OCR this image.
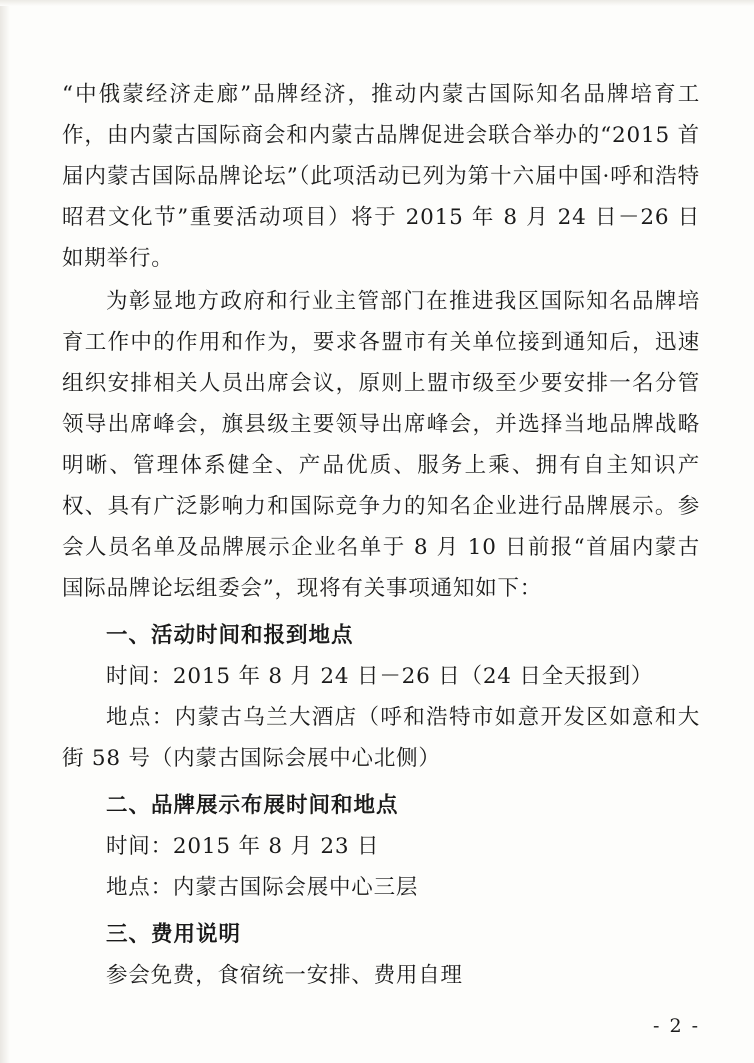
“中俄蒙经济走廊”品牌经济，推动内蒙古国际知名品牌培育工作，由内蒙古国际商会和内蒙古品牌促进会联合举办的“2015 首届内蒙古国际品牌论坛”（此项活动已列为第十六届中国·呼和浩特昭君文化节”重要活动项目）将于 2015 年 8 月 24 日－26 日如期举行。

为彰显地方政府和行业主管部门在推进我区国际知名品牌培育工作中的作用和作为，要求各盟市有关单位接到通知后，迅速组织安排相关人员出席会议，原则上盟市级至少要安排一名分管领导出席峰会，旗县级主要领导出席峰会，并选择当地品牌战略明晰、管理体系健全、产品优质、服务上乘、拥有自主知识产权、具有广泛影响力和国际竞争力的知名企业进行品牌展示。参会人员名单及品牌展示企业名单于 8 月 10 日前报“首届内蒙古国际品牌论坛组委会”，现将有关事项通知如下：

一、活动时间和报到地点

时间：2015 年 8 月 24 日－26 日（24 日全天报到）

地点：内蒙古乌兰大酒店（呼和浩特市如意开发区如意和大街 58 号（内蒙古国际会展中心北侧）

二、品牌展示布展时间和地点

时间：2015 年 8 月 23 日

地点：内蒙古国际会展中心三层

三、费用说明

参会免费，食宿统一安排、费用自理

- 2 -
